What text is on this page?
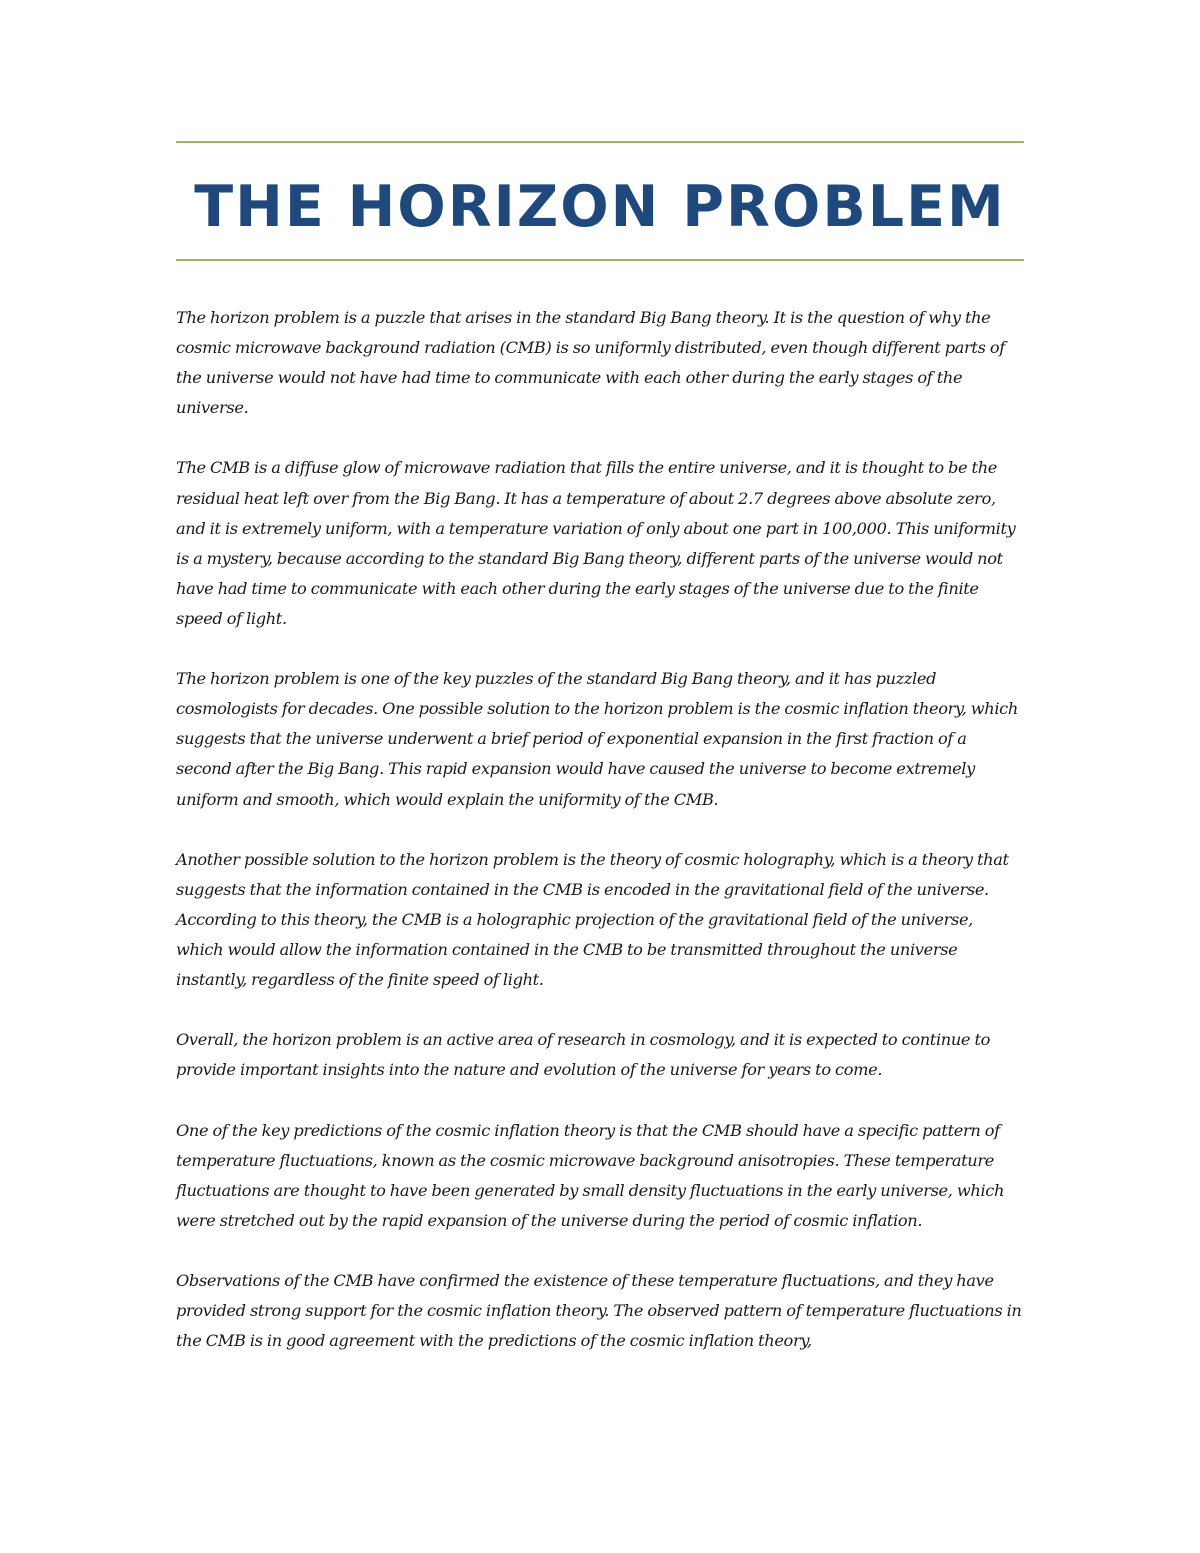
THE HORIZON PROBLEM

The horizon problem is a puzzle that arises in the standard Big Bang theory. It is the question of why the cosmic microwave background radiation (CMB) is so uniformly distributed, even though different parts of the universe would not have had time to communicate with each other during the early stages of the universe.

The CMB is a diffuse glow of microwave radiation that fills the entire universe, and it is thought to be the residual heat left over from the Big Bang. It has a temperature of about 2.7 degrees above absolute zero, and it is extremely uniform, with a temperature variation of only about one part in 100,000. This uniformity is a mystery, because according to the standard Big Bang theory, different parts of the universe would not have had time to communicate with each other during the early stages of the universe due to the finite speed of light.

The horizon problem is one of the key puzzles of the standard Big Bang theory, and it has puzzled cosmologists for decades. One possible solution to the horizon problem is the cosmic inflation theory, which suggests that the universe underwent a brief period of exponential expansion in the first fraction of a second after the Big Bang. This rapid expansion would have caused the universe to become extremely uniform and smooth, which would explain the uniformity of the CMB.

Another possible solution to the horizon problem is the theory of cosmic holography, which is a theory that suggests that the information contained in the CMB is encoded in the gravitational field of the universe. According to this theory, the CMB is a holographic projection of the gravitational field of the universe, which would allow the information contained in the CMB to be transmitted throughout the universe instantly, regardless of the finite speed of light.

Overall, the horizon problem is an active area of research in cosmology, and it is expected to continue to provide important insights into the nature and evolution of the universe for years to come.

One of the key predictions of the cosmic inflation theory is that the CMB should have a specific pattern of temperature fluctuations, known as the cosmic microwave background anisotropies. These temperature fluctuations are thought to have been generated by small density fluctuations in the early universe, which were stretched out by the rapid expansion of the universe during the period of cosmic inflation.

Observations of the CMB have confirmed the existence of these temperature fluctuations, and they have provided strong support for the cosmic inflation theory. The observed pattern of temperature fluctuations in the CMB is in good agreement with the predictions of the cosmic inflation theory,
